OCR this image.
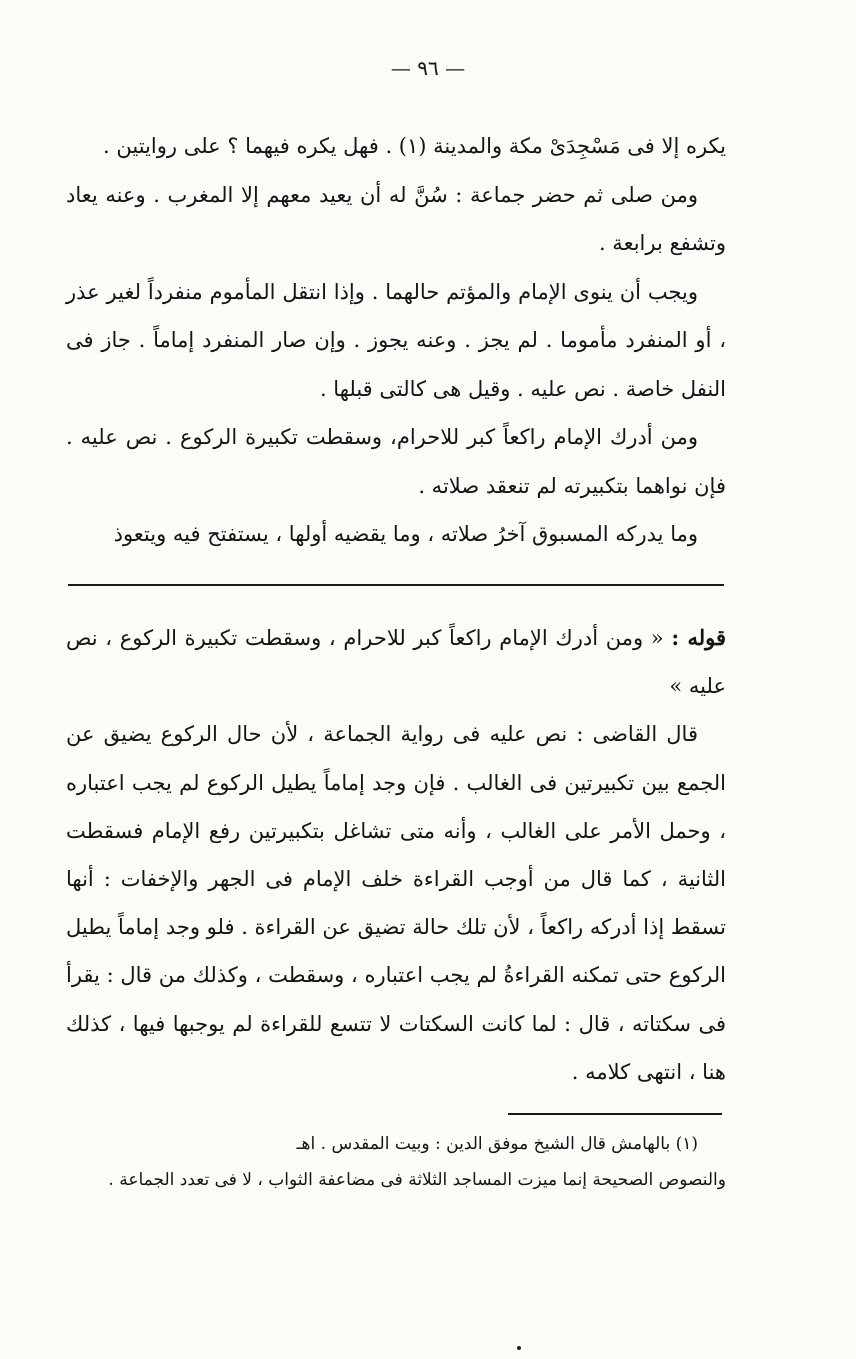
— ٩٦ —

يكره إلا فى مَسْجِدَىْ مكة والمدينة (١) . فهل يكره فيهما ؟ على روايتين .

ومن صلى ثم حضر جماعة : سُنَّ له أن يعيد معهم إلا المغرب . وعنه يعاد وتشفع برابعة .

ويجب أن ينوى الإمام والمؤتم حالهما . وإذا انتقل المأموم منفرداً لغير عذر ، أو المنفرد مأموما . لم يجز . وعنه يجوز . وإن صار المنفرد إماماً . جاز فى النفل خاصة . نص عليه . وقيل هى كالتى قبلها .

ومن أدرك الإمام راكعاً كبر للاحرام، وسقطت تكبيرة الركوع . نص عليه . فإن نواهما بتكبيرته لم تنعقد صلاته .

وما يدركه المسبوق آخرُ صلاته ، وما يقضيه أولها ، يستفتح فيه ويتعوذ

قوله : « ومن أدرك الإمام راكعاً كبر للاحرام ، وسقطت تكبيرة الركوع ، نص عليه »

قال القاضى : نص عليه فى رواية الجماعة ، لأن حال الركوع يضيق عن الجمع بين تكبيرتين فى الغالب . فإن وجد إماماً يطيل الركوع لم يجب اعتباره ، وحمل الأمر على الغالب ، وأنه متى تشاغل بتكبيرتين رفع الإمام فسقطت الثانية ، كما قال من أوجب القراءة خلف الإمام فى الجهر والإخفات : أنها تسقط إذا أدركه راكعاً ، لأن تلك حالة تضيق عن القراءة . فلو وجد إماماً يطيل الركوع حتى تمكنه القراءةُ لم يجب اعتباره ، وسقطت ، وكذلك من قال : يقرأ فى سكتاته ، قال : لما كانت السكتات لا تتسع للقراءة لم يوجبها فيها ، كذلك هنا ، انتهى كلامه .

(١) بالهامش قال الشيخ موفق الدين : وبيت المقدس . اهـ

والنصوص الصحيحة إنما ميزت المساجد الثلاثة فى مضاعفة الثواب ، لا فى تعدد الجماعة .
